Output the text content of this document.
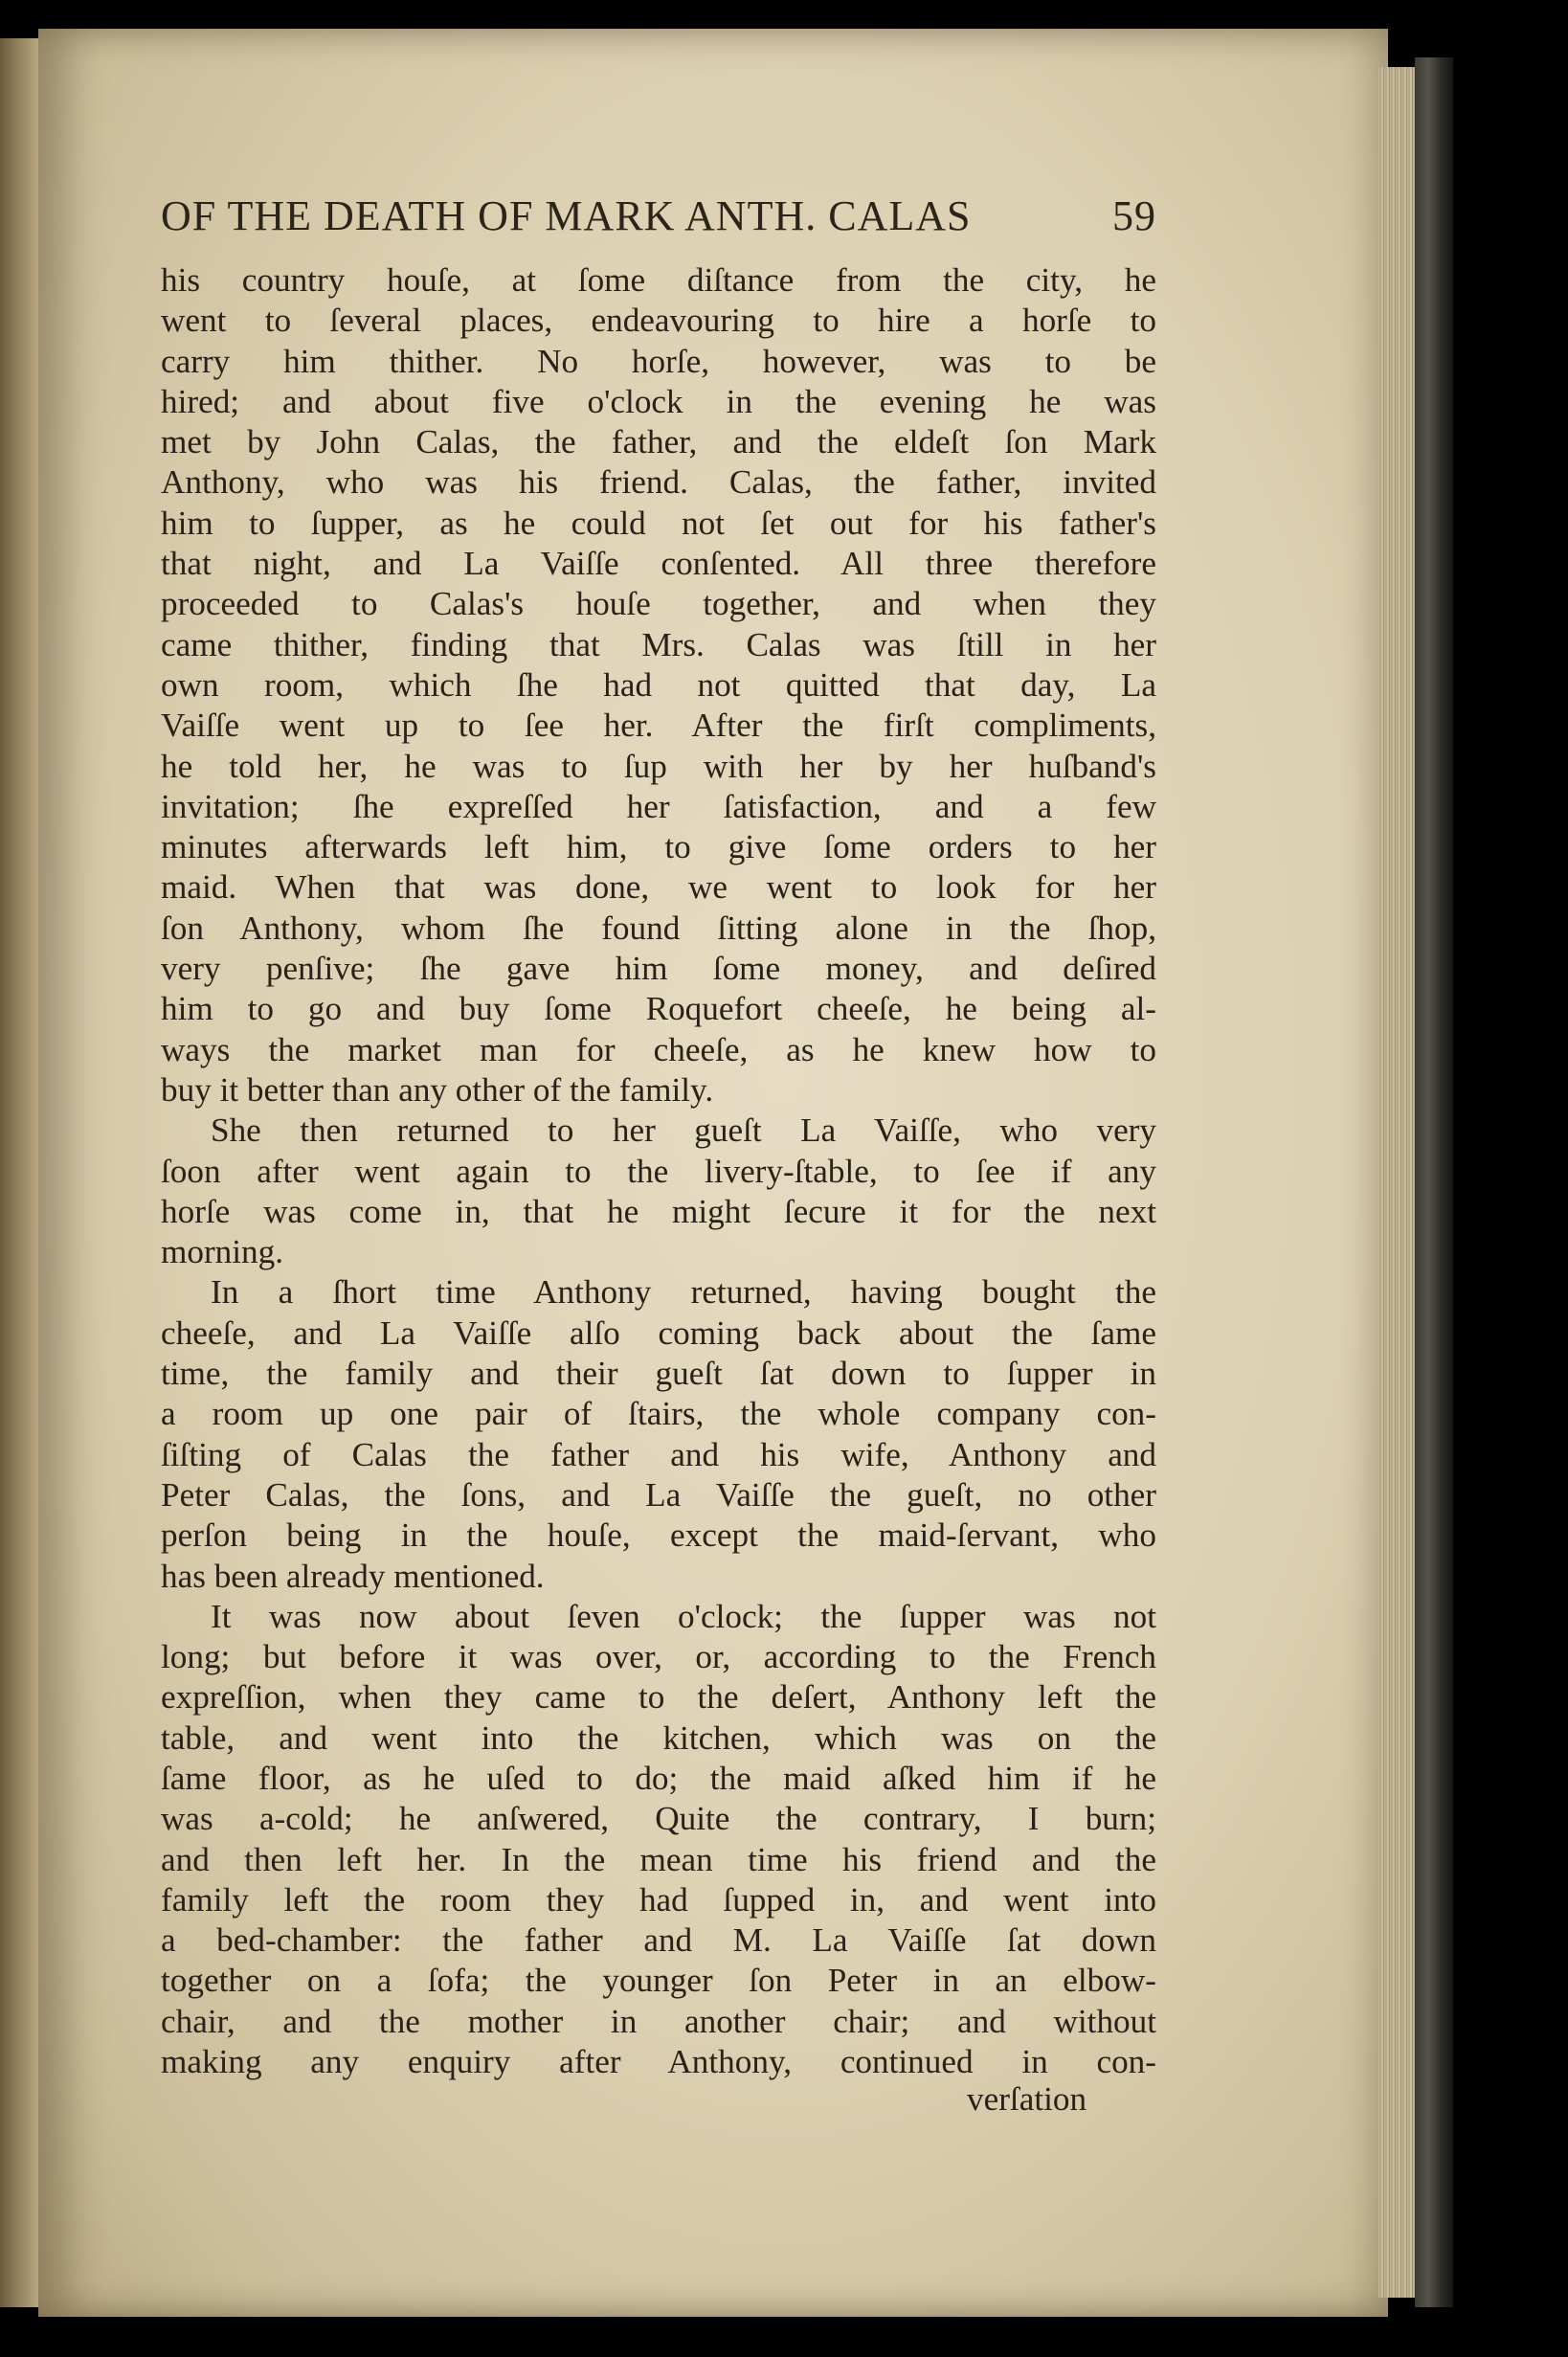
OF THE DEATH OF MARK ANTH. CALAS	59
his country houſe, at ſome diſtance from the city, he
went to ſeveral places, endeavouring to hire a horſe to
carry him thither. No horſe, however, was to be
hired; and about five o'clock in the evening he was
met by John Calas, the father, and the eldeſt ſon Mark
Anthony, who was his friend. Calas, the father, invited
him to ſupper, as he could not ſet out for his father's
that night, and La Vaiſſe conſented. All three therefore
proceeded to Calas's houſe together, and when they
came thither, finding that Mrs. Calas was ſtill in her
own room, which ſhe had not quitted that day, La
Vaiſſe went up to ſee her. After the firſt compliments,
he told her, he was to ſup with her by her huſband's
invitation; ſhe expreſſed her ſatisfaction, and a few
minutes afterwards left him, to give ſome orders to her
maid. When that was done, we went to look for her
ſon Anthony, whom ſhe found ſitting alone in the ſhop,
very penſive; ſhe gave him ſome money, and deſired
him to go and buy ſome Roquefort cheeſe, he being al-
ways the market man for cheeſe, as he knew how to
buy it better than any other of the family.
She then returned to her gueſt La Vaiſſe, who very
ſoon after went again to the livery-ſtable, to ſee if any
horſe was come in, that he might ſecure it for the next
morning.
In a ſhort time Anthony returned, having bought the
cheeſe, and La Vaiſſe alſo coming back about the ſame
time, the family and their gueſt ſat down to ſupper in
a room up one pair of ſtairs, the whole company con-
ſiſting of Calas the father and his wife, Anthony and
Peter Calas, the ſons, and La Vaiſſe the gueſt, no other
perſon being in the houſe, except the maid-ſervant, who
has been already mentioned.
It was now about ſeven o'clock; the ſupper was not
long; but before it was over, or, according to the French
expreſſion, when they came to the deſert, Anthony left the
table, and went into the kitchen, which was on the
ſame floor, as he uſed to do; the maid aſked him if he
was a-cold; he anſwered, Quite the contrary, I burn;
and then left her. In the mean time his friend and the
family left the room they had ſupped in, and went into
a bed-chamber: the father and M. La Vaiſſe ſat down
together on a ſofa; the younger ſon Peter in an elbow-
chair, and the mother in another chair; and without
making any enquiry after Anthony, continued in con-
verſation
